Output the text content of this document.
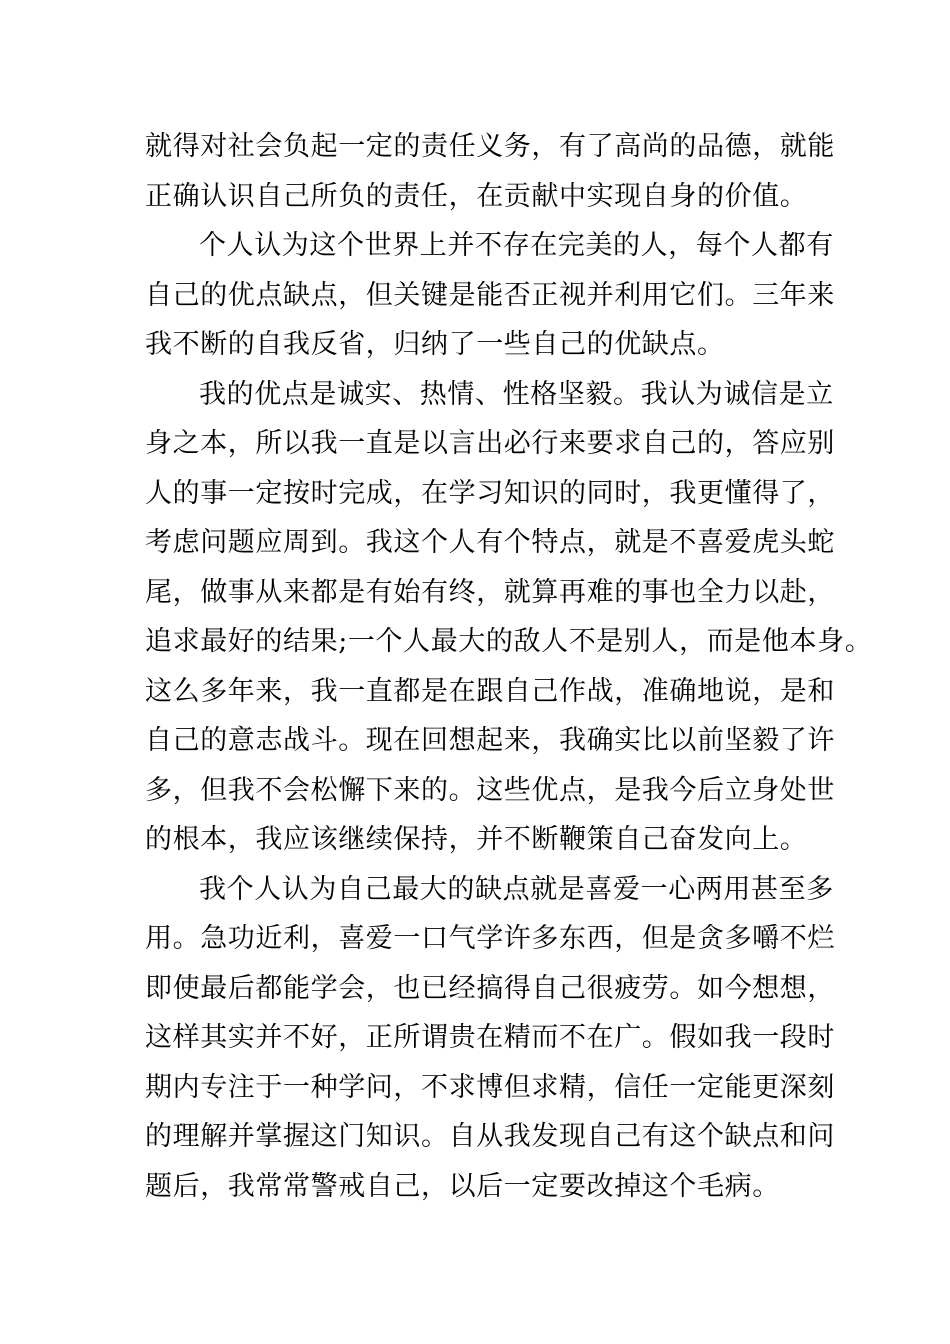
就得对社会负起一定的责任义务，有了高尚的品德，就能
正确认识自己所负的责任，在贡献中实现自身的价值。
个人认为这个世界上并不存在完美的人，每个人都有
自己的优点缺点，但关键是能否正视并利用它们。三年来
我不断的自我反省，归纳了一些自己的优缺点。
我的优点是诚实、热情、性格坚毅。我认为诚信是立
身之本，所以我一直是以言出必行来要求自己的，答应别
人的事一定按时完成，在学习知识的同时，我更懂得了，
考虑问题应周到。我这个人有个特点，就是不喜爱虎头蛇
尾，做事从来都是有始有终，就算再难的事也全力以赴，
追求最好的结果;一个人最大的敌人不是别人，而是他本身。
这么多年来，我一直都是在跟自己作战，准确地说，是和
自己的意志战斗。现在回想起来，我确实比以前坚毅了许
多，但我不会松懈下来的。这些优点，是我今后立身处世
的根本，我应该继续保持，并不断鞭策自己奋发向上。
我个人认为自己最大的缺点就是喜爱一心两用甚至多
用。急功近利，喜爱一口气学许多东西，但是贪多嚼不烂
即使最后都能学会，也已经搞得自己很疲劳。如今想想，
这样其实并不好，正所谓贵在精而不在广。假如我一段时
期内专注于一种学问，不求博但求精，信任一定能更深刻
的理解并掌握这门知识。自从我发现自己有这个缺点和问
题后，我常常警戒自己，以后一定要改掉这个毛病。
